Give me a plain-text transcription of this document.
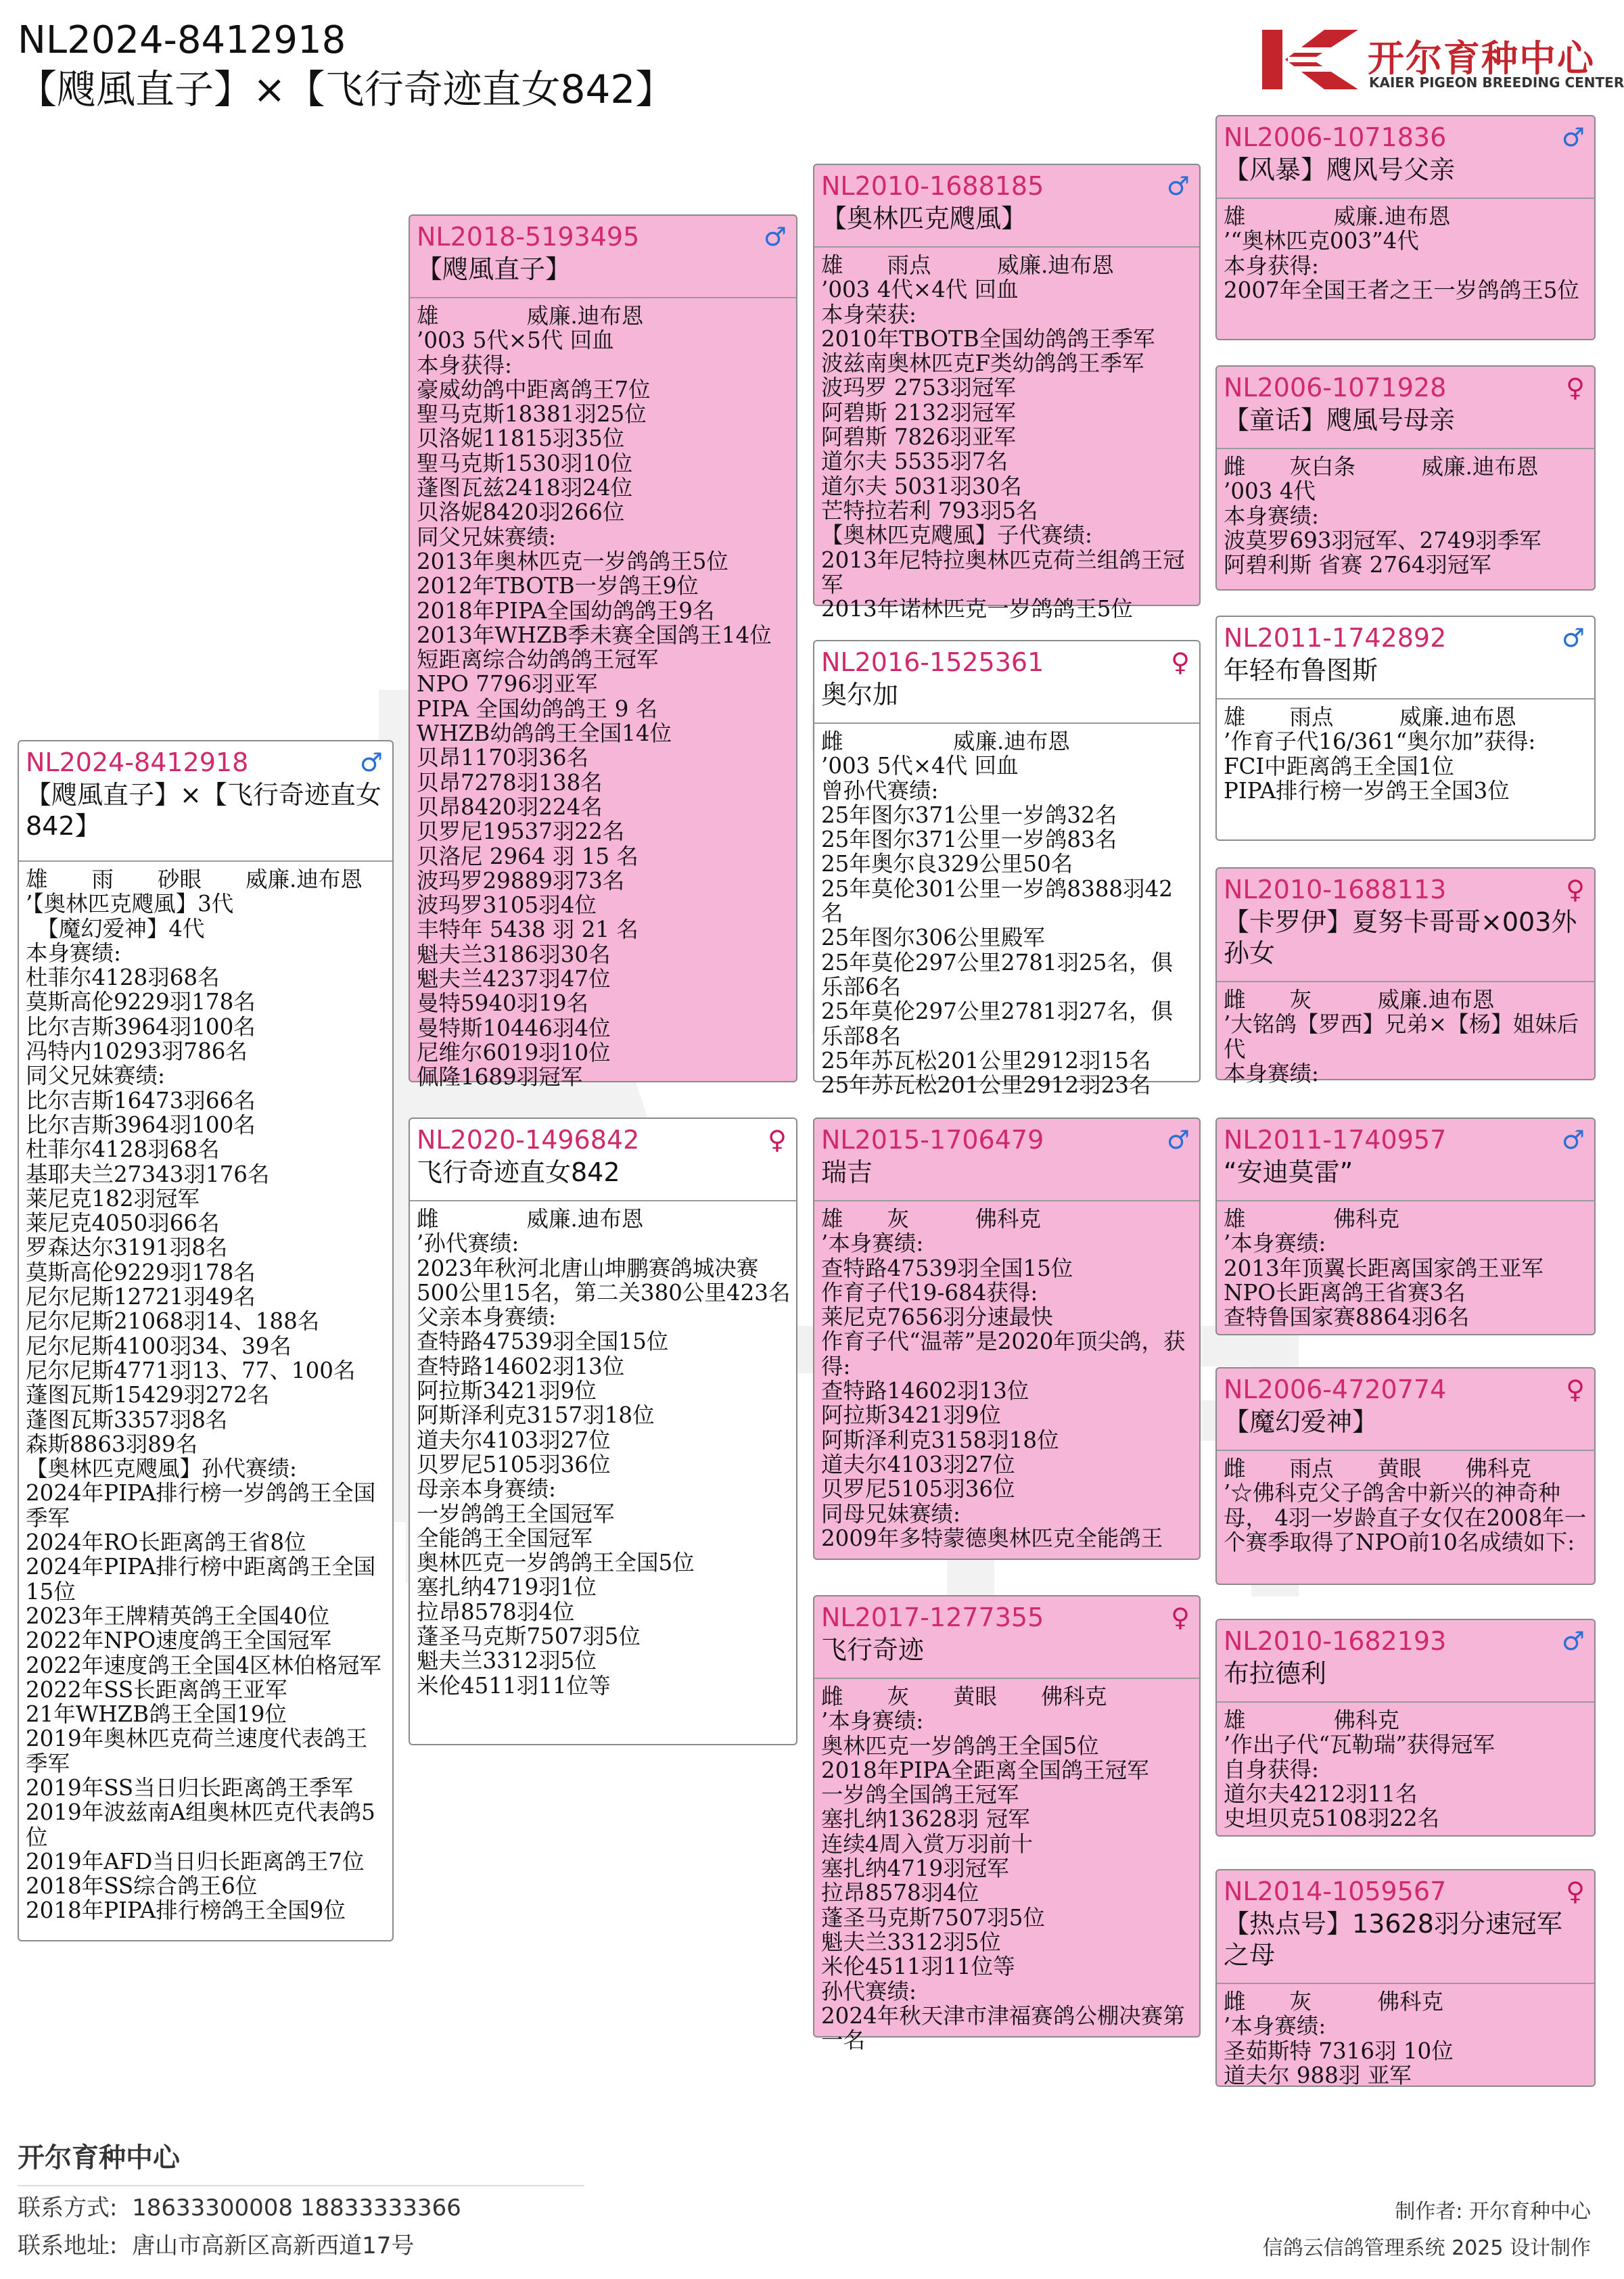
NL2024-8412918
【飕風直子】×【飞行奇迹直女842】
开尔育种中心
KAIER PIGEON BREEDING CENTER
NL2024-8412918	♂
【飕風直子】×【飞行奇迹直女842】
雄　　雨　　砂眼　　威廉.迪布恩
’【奥林匹克飕風】3代
　【魔幻爱神】4代
本身赛绩:
杜菲尔4128羽68名
莫斯高伦9229羽178名
比尔吉斯3964羽100名
冯特内10293羽786名
同父兄妹赛绩:
比尔吉斯16473羽66名
比尔吉斯3964羽100名
杜菲尔4128羽68名
基耶夫兰27343羽176名
莱尼克182羽冠军
莱尼克4050羽66名
罗森达尔3191羽8名
莫斯高伦9229羽178名
尼尔尼斯12721羽49名
尼尔尼斯21068羽14、188名
尼尔尼斯4100羽34、39名
尼尔尼斯4771羽13、77、100名
蓬图瓦斯15429羽272名
蓬图瓦斯3357羽8名
森斯8863羽89名
【奥林匹克飕風】孙代赛绩:
2024年PIPA排行榜一岁鸽鸽王全国季军
2024年RO长距离鸽王省8位
2024年PIPA排行榜中距离鸽王全国15位
2023年王牌精英鸽王全国40位
2022年NPO速度鸽王全国冠军
2022年速度鸽王全国4区林伯格冠军
2022年SS长距离鸽王亚军
21年WHZB鸽王全国19位
2019年奥林匹克荷兰速度代表鸽王季军
2019年SS当日归长距离鸽王季军
2019年波兹南A组奥林匹克代表鸽5位
2019年AFD当日归长距离鸽王7位
2018年SS综合鸽王6位
2018年PIPA排行榜鸽王全国9位
NL2018-5193495	♂
【飕風直子】
雄　　　　威廉.迪布恩
’003 5代×5代 回血
本身获得:
豪威幼鸽中距离鸽王7位
聖马克斯18381羽25位
贝洛妮11815羽35位
聖马克斯1530羽10位
蓬图瓦兹2418羽24位
贝洛妮8420羽266位
同父兄妹赛绩:
2013年奥林匹克一岁鸽鸽王5位
2012年TBOTB一岁鸽王9位
2018年PIPA全国幼鸽鸽王9名
2013年WHZB季未赛全国鸽王14位
短距离综合幼鸽鸽王冠军
NPO 7796羽亚军
PIPA 全国幼鸽鸽王 9 名
WHZB幼鸽鸽王全国14位
贝昂1170羽36名
贝昂7278羽138名
贝昂8420羽224名
贝罗尼19537羽22名
贝洛尼 2964 羽 15 名
波玛罗29889羽73名
波玛罗3105羽4位
丰特年 5438 羽 21 名
魁夫兰3186羽30名
魁夫兰4237羽47位
曼特5940羽19名
曼特斯10446羽4位
尼维尔6019羽10位
佩隆1689羽冠军
NL2020-1496842	♀
飞行奇迹直女842
雌　　　　威廉.迪布恩
’孙代赛绩:
2023年秋河北唐山坤鹏赛鸽城决赛500公里15名，第二关380公里423名
父亲本身赛绩:
查特路47539羽全国15位
查特路14602羽13位
阿拉斯3421羽9位
阿斯泽利克3157羽18位
道夫尔4103羽27位
贝罗尼5105羽36位
母亲本身赛绩:
一岁鸽鸽王全国冠军
全能鸽王全国冠军
奥林匹克一岁鸽鸽王全国5位
塞扎纳4719羽1位
拉昂8578羽4位
蓬圣马克斯7507羽5位
魁夫兰3312羽5位
米伦4511羽11位等
NL2010-1688185	♂
【奥林匹克飕風】
雄　　雨点　　　威廉.迪布恩
’003 4代×4代 回血
本身荣获:
2010年TBOTB全国幼鸽鸽王季军
波兹南奥林匹克F类幼鸽鸽王季军
波玛罗 2753羽冠军
阿碧斯 2132羽冠军
阿碧斯 7826羽亚军
道尔夫 5535羽7名
道尔夫 5031羽30名
芒特拉若利 793羽5名
【奥林匹克飕風】子代赛绩:
2013年尼特拉奥林匹克荷兰组鸽王冠军
2013年诺林匹克一岁鸽鸽王5位
NL2016-1525361	♀
奥尔加
雌　　　　　威廉.迪布恩
’003 5代×4代 回血
曾孙代赛绩:
25年图尔371公里一岁鸽32名
25年图尔371公里一岁鸽83名
25年奥尔良329公里50名
25年莫伦301公里一岁鸽8388羽42名
25年图尔306公里殿军
25年莫伦297公里2781羽25名，俱乐部6名
25年莫伦297公里2781羽27名，俱乐部8名
25年苏瓦松201公里2912羽15名
25年苏瓦松201公里2912羽23名
NL2015-1706479	♂
瑞吉
雄　　灰　　　佛科克
’本身赛绩:
查特路47539羽全国15位
作育子代19-684获得:
莱尼克7656羽分速最快
作育子代“温蒂”是2020年顶尖鸽，获得:
查特路14602羽13位
阿拉斯3421羽9位
阿斯泽利克3158羽18位
道夫尔4103羽27位
贝罗尼5105羽36位
同母兄妹赛绩:
2009年多特蒙德奥林匹克全能鸽王
NL2017-1277355	♀
飞行奇迹
雌　　灰　　黄眼　　佛科克
’本身赛绩:
奥林匹克一岁鸽鸽王全国5位
2018年PIPA全距离全国鸽王冠军
一岁鸽全国鸽王冠军
塞扎纳13628羽 冠军
连续4周入赏万羽前十
塞扎纳4719羽冠军
拉昂8578羽4位
蓬圣马克斯7507羽5位
魁夫兰3312羽5位
米伦4511羽11位等
孙代赛绩:
2024年秋天津市津福赛鸽公棚决赛第一名
NL2006-1071836	♂
【风暴】飕风号父亲
雄　　　　威廉.迪布恩
’“奥林匹克003”4代
本身获得:
2007年全国王者之王一岁鸽鸽王5位
NL2006-1071928	♀
【童话】飕風号母亲
雌　　灰白条　　　威廉.迪布恩
’003 4代
本身赛绩:
波莫罗693羽冠军、2749羽季军
阿碧利斯 省赛 2764羽冠军
NL2011-1742892	♂
年轻布鲁图斯
雄　　雨点　　　威廉.迪布恩
’作育子代16/361“奥尔加”获得:
FCI中距离鸽王全国1位
PIPA排行榜一岁鸽王全国3位
NL2010-1688113	♀
【卡罗伊】夏努卡哥哥×003外孙女
雌　　灰　　　威廉.迪布恩
’大铭鸽【罗西】兄弟×【杨】姐妹后代
本身赛绩:
NL2011-1740957	♂
“安迪莫雷”
雄　　　　佛科克
’本身赛绩:
2013年顶翼长距离国家鸽王亚军
NPO长距离鸽王省赛3名
查特鲁国家赛8864羽6名
NL2006-4720774	♀
【魔幻爱神】
雌　　雨点　　黄眼　　佛科克
’☆佛科克父子鸽舍中新兴的神奇种母， 4羽一岁龄直子女仅在2008年一个赛季取得了NPO前10名成绩如下:
NL2010-1682193	♂
布拉德利
雄　　　　佛科克
’作出子代“瓦勒瑞”获得冠军
自身获得:
道尔夫4212羽11名
史坦贝克5108羽22名
NL2014-1059567	♀
【热点号】13628羽分速冠军之母
雌　　灰　　　佛科克
’本身赛绩:
圣茹斯特 7316羽 10位
道夫尔 988羽 亚军
开尔育种中心
联系方式: 18633300008 18833333366
联系地址: 唐山市高新区高新西道17号
制作者: 开尔育种中心
信鸽云信鸽管理系统 2025 设计制作
